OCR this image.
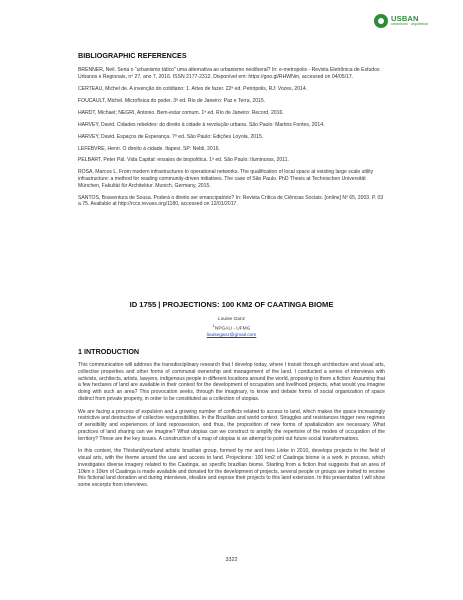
USBAN
urbanismo · arquitetura
BIBLIOGRAPHIC REFERENCES

BRENNER, Neil. Seria o “urbanismo tático” uma alternativa ao urbanismo neoliberal? In: e-metropolis - Revista Eletrônica de Estudos Urbanos e Regionais, nº 27, ano 7, 2016. ISSN 2177-2312. Disponível em: https://goo.gl/RHWNm, accessed on 04/05/17.

CERTEAU, Michel de. A invenção do cotidiano: 1. Artes de fazer. 22ª ed. Petrópolis, RJ: Vozes, 2014.

FOUCAULT, Michel. Microfísica do poder. 3ª ed. Rio de Janeiro: Paz e Terra, 2015.

HARDT, Michael; NEGRI, Antonio. Bem-estar comum. 1ª ed. Rio de Janeiro: Record, 2016.

HARVEY, David. Cidades rebeldes: do direito à cidade à revolução urbana. São Paulo: Martins Fontes, 2014.

HARVEY, David. Espaços de Esperança. 7ª ed. São Paulo: Edições Loyola, 2015.

LEFEBVRE, Henri. O direito à cidade. Itapevi, SP: Nebli, 2016.

PELBART, Peter Pál. Vida Capital: ensaios de biopolítica. 1ª ed. São Paulo: Iluminuras, 2011.

ROSA, Marcos L. From modern infrastructures to operational networks. The qualification of local space at existing large scale utility infrastructure: a method for reading community-driven initiatives. The case of São Paulo. PhD Thesis at Technischen Universität München, Fakultät für Architektur. Munich, Germany, 2015.

SANTOS, Boaventura de Sousa. Poderá o direito ser emancipatório? In: Revista Crítica de Ciências Sociais. [online] Nº 65, 2003. P. 03 a 75. Available at http://rccs.revues.org/1180, accessed on 12/01/2017.

ID 1755 | PROJECTIONS: 100 KM2 OF CAATINGA BIOME
Louise Ganz
$^1$NPGAU - UFMG
louiseganz@gmail.com
1 INTRODUCTION

This communication will address the transdisciplinary research that I develop today, where I transit through architecture and visual arts, collective properties and other forms of communal ownership and management of the land. I conducted a series of interviews with activists, architects, artists, lawyers, indigenous people in different locations around the world, proposing to them a fiction: Assuming that a few hectares of land are available in their context for the development of occupation and livelihood projects, what would you imagine doing with such an area? This provocation seeks, through the imaginary, to know and debate forms of social organization of space distinct from private property, in order to be constituted as a collection of utopias.

We are facing a process of expulsion and a growing number of conflicts related to access to land, which makes the space increasingly restrictive and destructive of collective responsibilities. In the Brazilian and world context. Struggles and resistances trigger new regimes of sensibility and experiences of land repossession, and thus, the proposition of new forms of spatialization are necessary. What practices of land sharing can we imagine? What utopias can we construct to amplify the repertoire of the modes of occupation of the territory? These are the key issues. A construction of a map of utopias is an attempt to point out future social transformations.

In this context, the Thisland/yourland artistic brazilian group, formed by me and Ines Linke in 2010, develops projects in the field of visual arts, with the theme around the use and access to land. Projections: 100 km2 of Caatinga biome is a work in process, which investigates diverse imagery related to the Caatinga, an specific brazilian biome. Starting from a fiction that suggests that an area of 10km x 10km of Caatinga is made available and donated for the development of projects, several people or groups are invited to receive this fictional land donation and during interviews, idealize and expose their projects to this land extension. In this presentation I will show some excerpts from interviews.

3322
